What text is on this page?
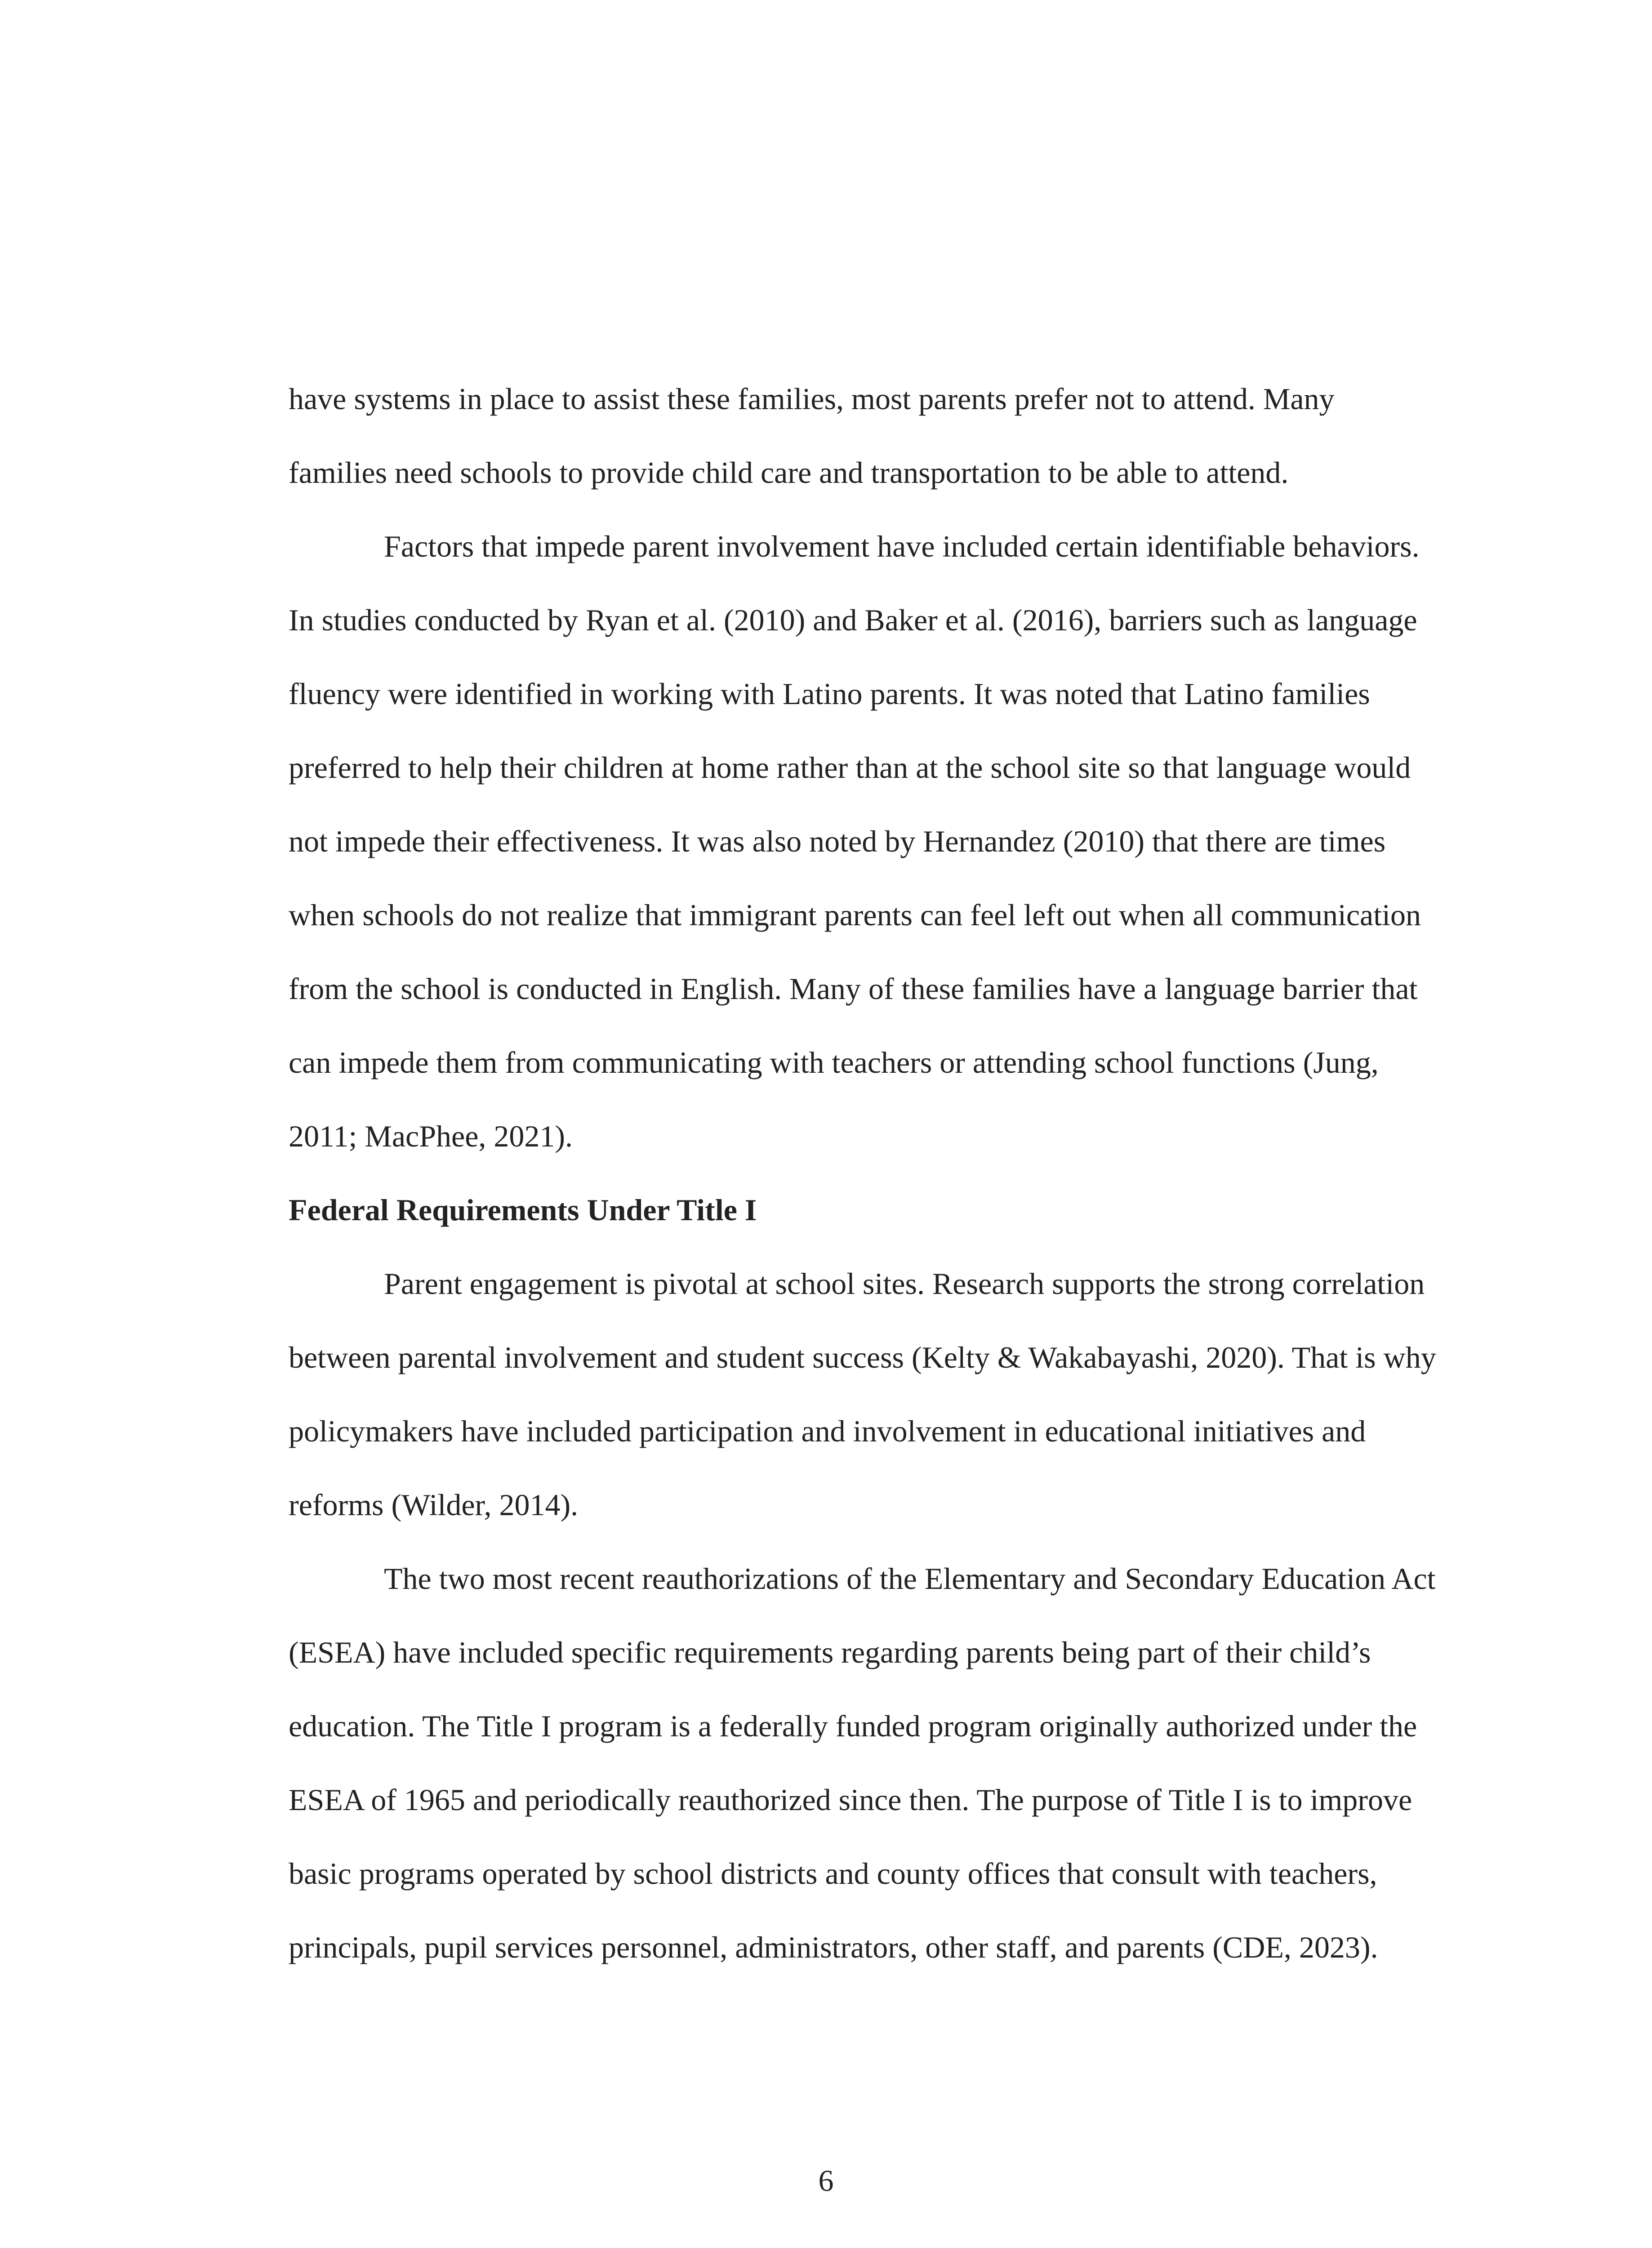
have systems in place to assist these families, most parents prefer not to attend. Many families need schools to provide child care and transportation to be able to attend.

Factors that impede parent involvement have included certain identifiable behaviors. In studies conducted by Ryan et al. (2010) and Baker et al. (2016), barriers such as language fluency were identified in working with Latino parents. It was noted that Latino families preferred to help their children at home rather than at the school site so that language would not impede their effectiveness. It was also noted by Hernandez (2010) that there are times when schools do not realize that immigrant parents can feel left out when all communication from the school is conducted in English. Many of these families have a language barrier that can impede them from communicating with teachers or attending school functions (Jung, 2011; MacPhee, 2021).

Federal Requirements Under Title I

Parent engagement is pivotal at school sites. Research supports the strong correlation between parental involvement and student success (Kelty & Wakabayashi, 2020). That is why policymakers have included participation and involvement in educational initiatives and reforms (Wilder, 2014).

The two most recent reauthorizations of the Elementary and Secondary Education Act (ESEA) have included specific requirements regarding parents being part of their child’s education. The Title I program is a federally funded program originally authorized under the ESEA of 1965 and periodically reauthorized since then. The purpose of Title I is to improve basic programs operated by school districts and county offices that consult with teachers, principals, pupil services personnel, administrators, other staff, and parents (CDE, 2023).

6
